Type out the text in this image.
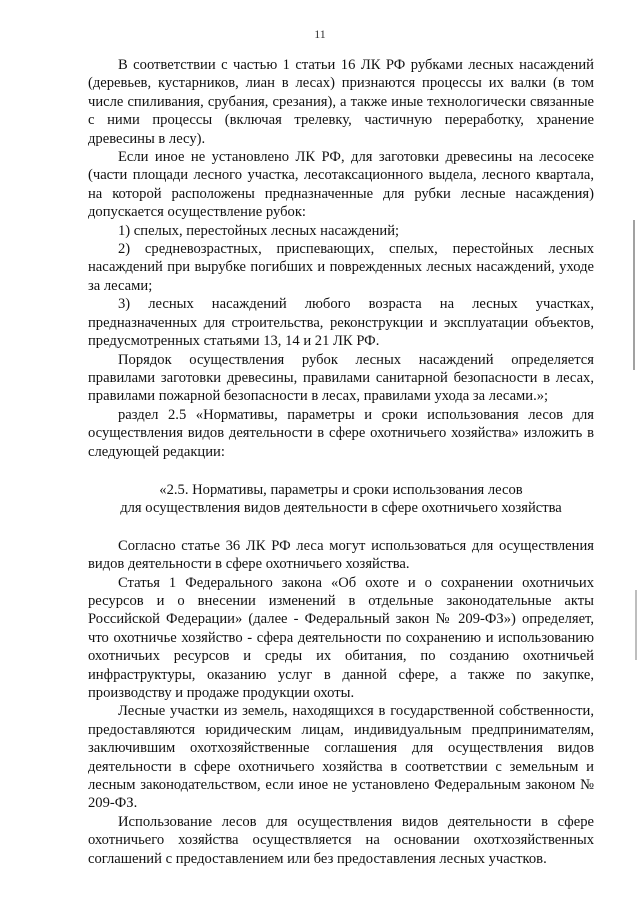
11

В соответствии с частью 1 статьи 16 ЛК РФ рубками лесных насаждений (деревьев, кустарников, лиан в лесах) признаются процессы их валки (в том числе спиливания, срубания, срезания), а также иные технологически связанные с ними процессы (включая трелевку, частичную переработку, хранение древесины в лесу).

Если иное не установлено ЛК РФ, для заготовки древесины на лесосеке (части площади лесного участка, лесотаксационного выдела, лесного квартала, на которой расположены предназначенные для рубки лесные насаждения) допускается осуществление рубок:

1) спелых, перестойных лесных насаждений;

2) средневозрастных, приспевающих, спелых, перестойных лесных насаждений при вырубке погибших и поврежденных лесных насаждений, уходе за лесами;

3) лесных насаждений любого возраста на лесных участках, предназначенных для строительства, реконструкции и эксплуатации объектов, предусмотренных статьями 13, 14 и 21 ЛК РФ.

Порядок осуществления рубок лесных насаждений определяется правилами заготовки древесины, правилами санитарной безопасности в лесах, правилами пожарной безопасности в лесах, правилами ухода за лесами.»;

раздел 2.5 «Нормативы, параметры и сроки использования лесов для осуществления видов деятельности в сфере охотничьего хозяйства» изложить в следующей редакции:

«2.5. Нормативы, параметры и сроки использования лесов
для осуществления видов деятельности в сфере охотничьего хозяйства

Согласно статье 36 ЛК РФ леса могут использоваться для осуществления видов деятельности в сфере охотничьего хозяйства.

Статья 1 Федерального закона «Об охоте и о сохранении охотничьих ресурсов и о внесении изменений в отдельные законодательные акты Российской Федерации» (далее - Федеральный закон № 209-ФЗ») определяет, что охотничье хозяйство - сфера деятельности по сохранению и использованию охотничьих ресурсов и среды их обитания, по созданию охотничьей инфраструктуры, оказанию услуг в данной сфере, а также по закупке, производству и продаже продукции охоты.

Лесные участки из земель, находящихся в государственной собственности, предоставляются юридическим лицам, индивидуальным предпринимателям, заключившим охотхозяйственные соглашения для осуществления видов деятельности в сфере охотничьего хозяйства в соответствии с земельным и лесным законодательством, если иное не установлено Федеральным законом № 209-ФЗ.

Использование лесов для осуществления видов деятельности в сфере охотничьего хозяйства осуществляется на основании охотхозяйственных соглашений с предоставлением или без предоставления лесных участков.
